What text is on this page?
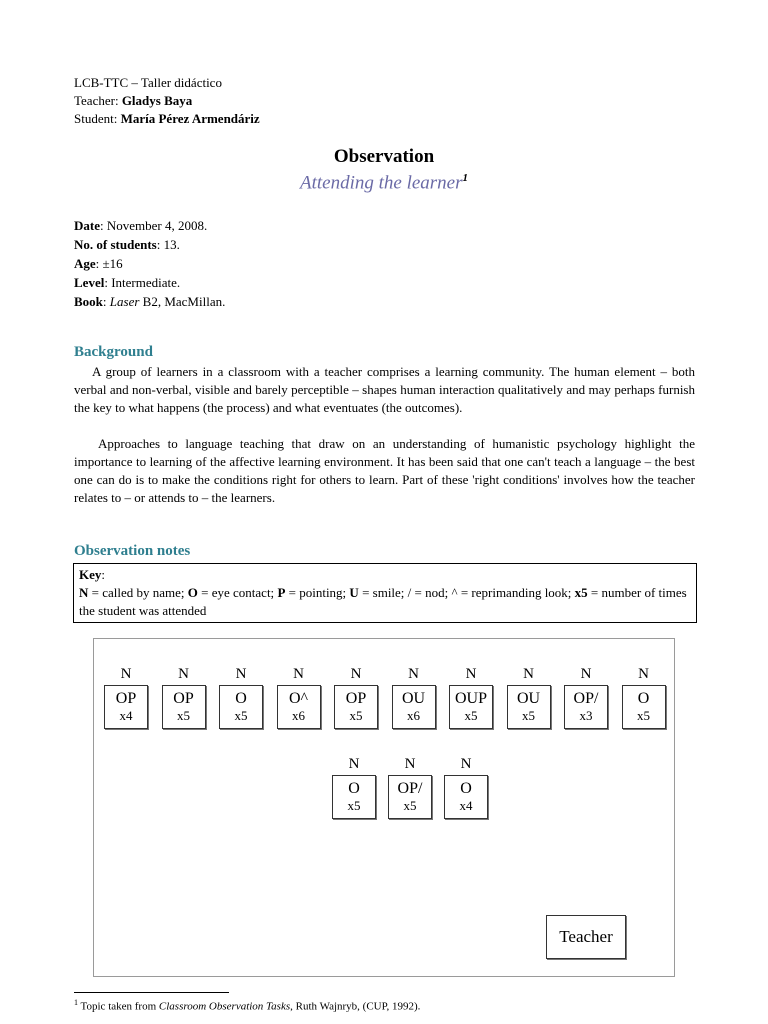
LCB-TTC – Taller didáctico
Teacher: Gladys Baya
Student: María Pérez Armendáriz
Observation
Attending the learner$^1$
Date: November 4, 2008.
No. of students: 13.
Age: ±16
Level: Intermediate.
Book: Laser B2, MacMillan.
Background

A group of learners in a classroom with a teacher comprises a learning community. The human element – both verbal and non-verbal, visible and barely perceptible – shapes human interaction qualitatively and may perhaps furnish the key to what happens (the process) and what eventuates (the outcomes).

Approaches to language teaching that draw on an understanding of humanistic psychology highlight the importance to learning of the affective learning environment. It has been said that one can't teach a language – the best one can do is to make the conditions right for others to learn. Part of these 'right conditions' involves how the teacher relates to – or attends to – the learners.

Observation notes
Key:
N = called by name; O = eye contact; P = pointing; U = smile; / = nod; ^ = reprimanding look; x5 = number of times the student was attended
Teacher
N
OP
x4
N
OP
x5
N
O
x5
N
O^
x6
N
OP
x5
N
OU
x6
N
OUP
x5
N
OU
x5
N
OP/
x3
N
O
x5
N
O
x5
N
OP/
x5
N
O
x4
$^1$ Topic taken from Classroom Observation Tasks, Ruth Wajnryb, (CUP, 1992).
